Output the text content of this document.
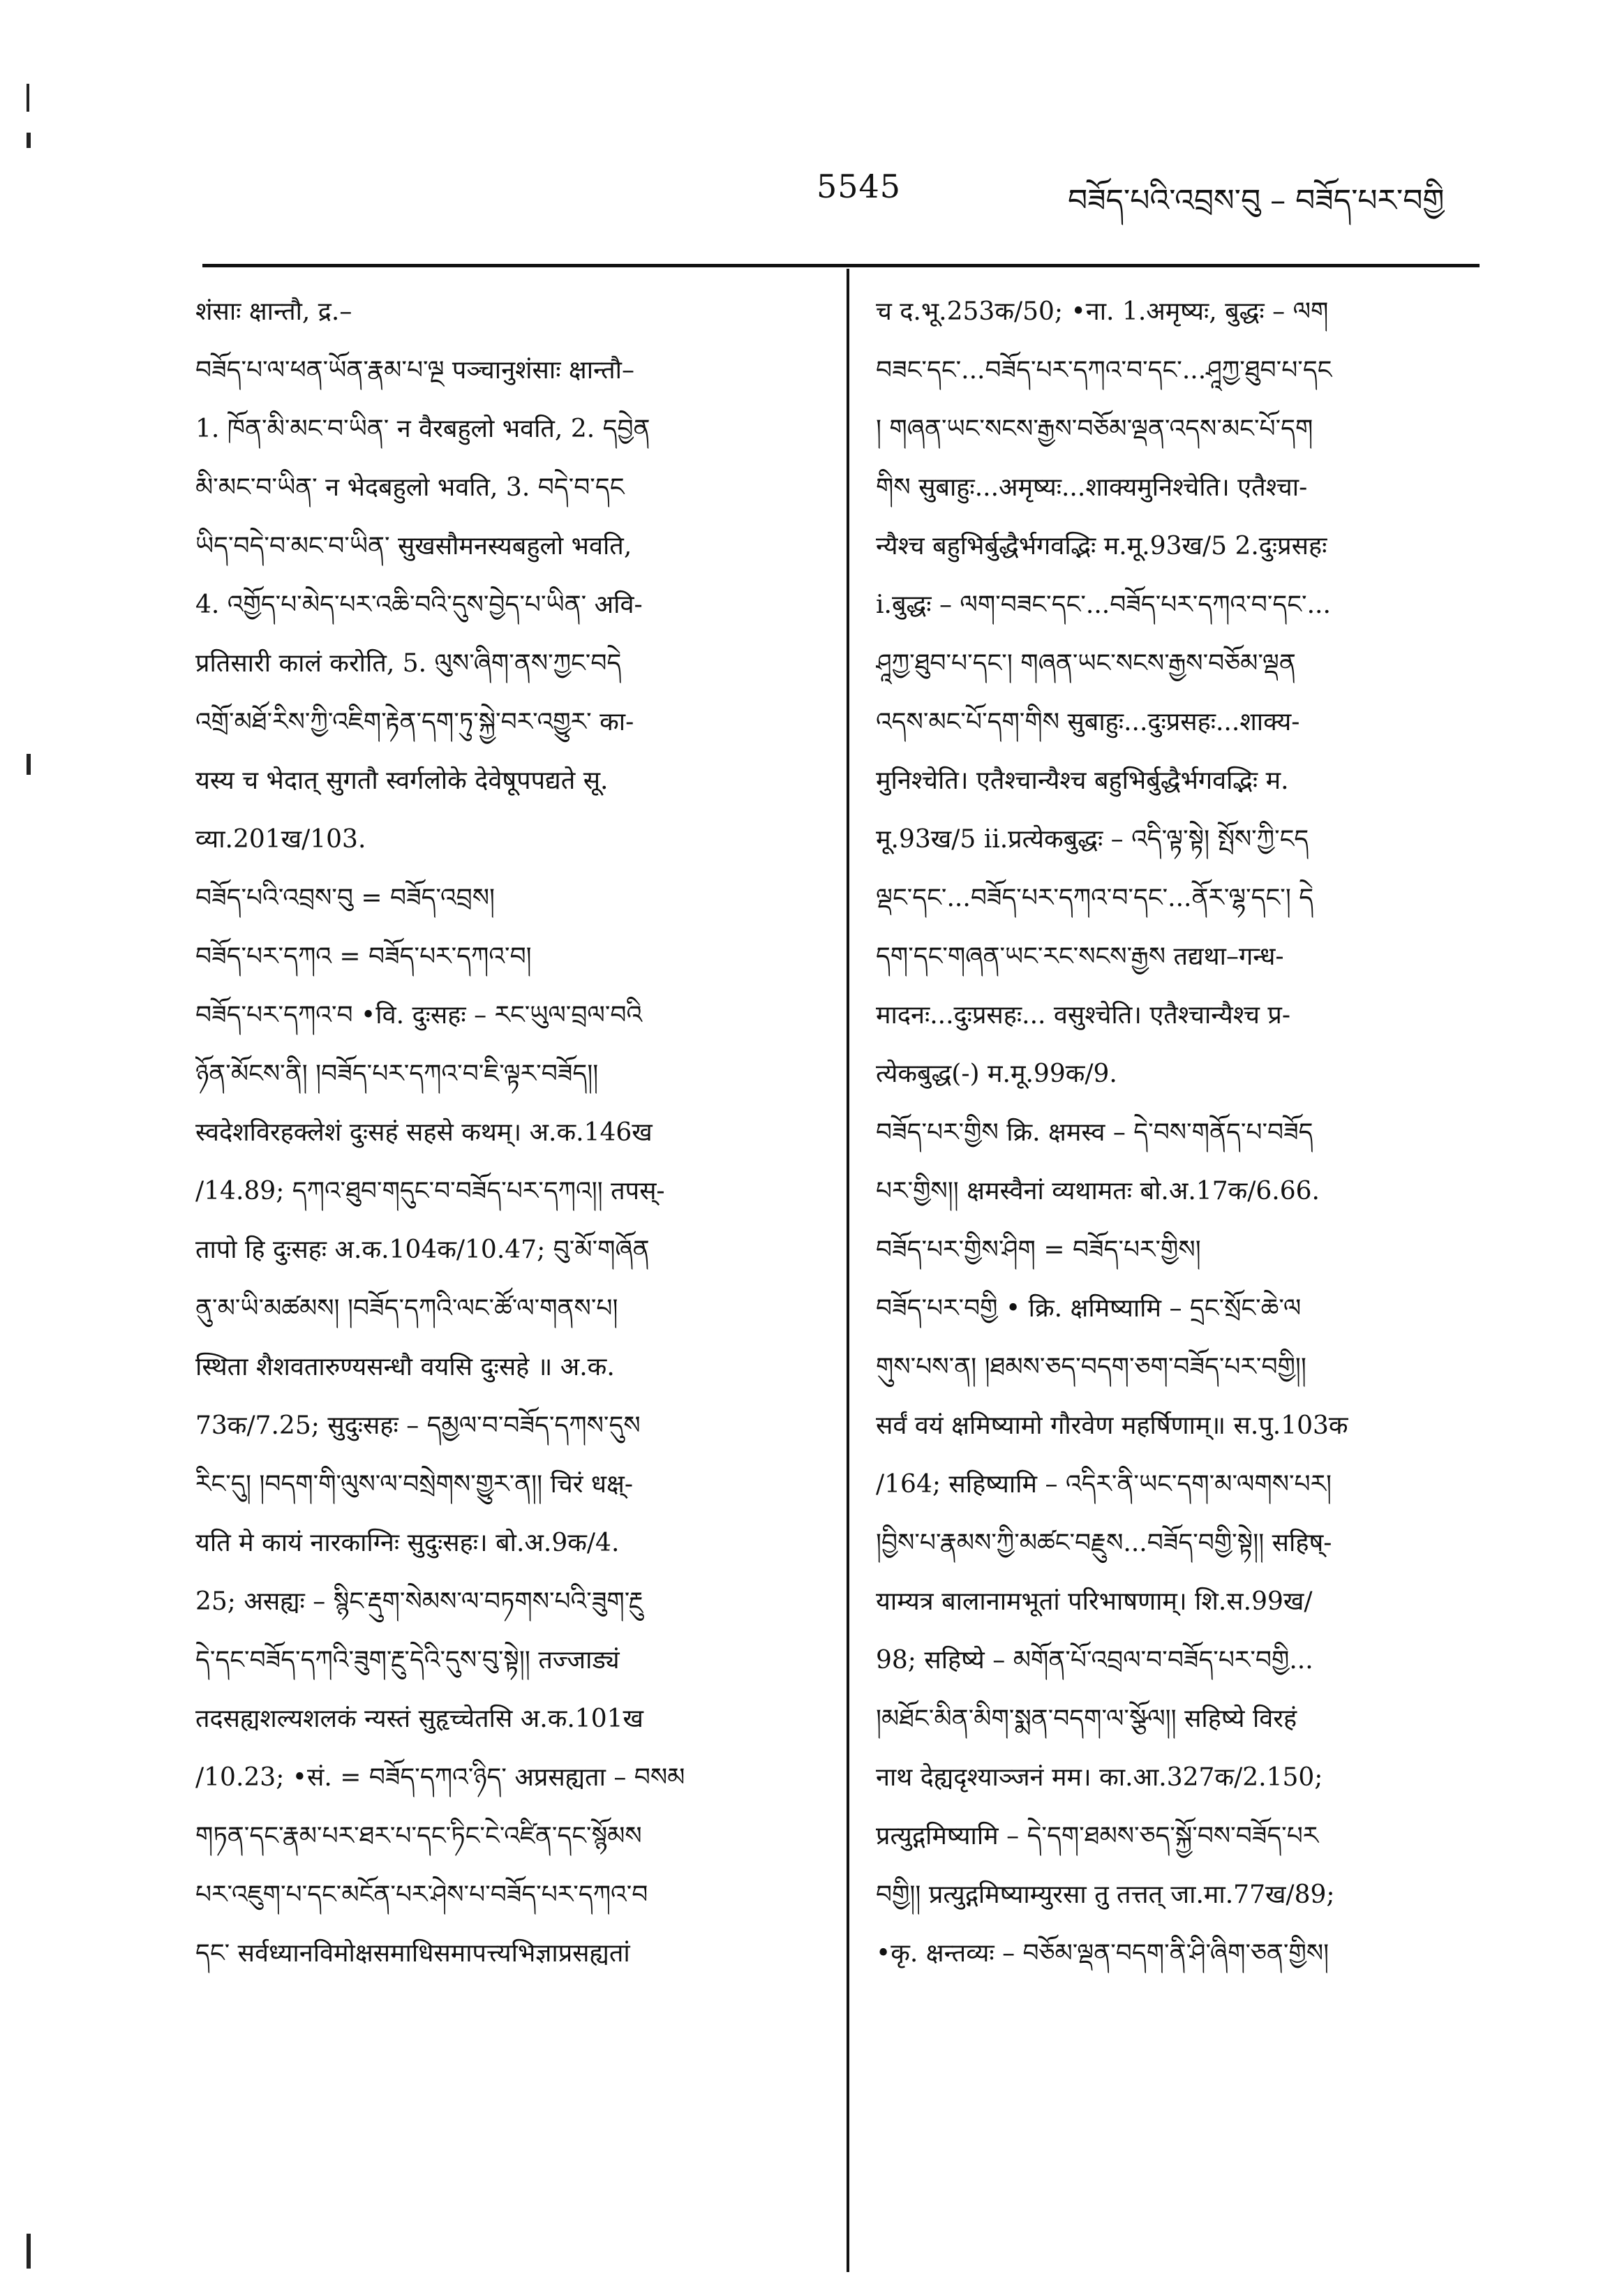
5545	བཟོད་པའི་འབྲས་བུ – བཟོད་པར་བགྱི
शंसाः क्षान्तौ, द्र.–
བཟོད་པ་ལ་ཕན་ཡོན་རྣམ་པ་ལྔ पञ्चानुशंसाः क्षान्तौ–
1. ཁོན་མི་མང་བ་ཡིན་ न वैरबहुलो भवति, 2. དབྱེན
མི་མང་བ་ཡིན་ न भेदबहुलो भवति, 3. བདེ་བ་དང
ཡིད་བདེ་བ་མང་བ་ཡིན་ सुखसौमनस्यबहुलो भवति,
4. འགྱོད་པ་མེད་པར་འཆི་བའི་དུས་བྱེད་པ་ཡིན་ अवि-
प्रतिसारी कालं करोति, 5. ལུས་ཞིག་ནས་ཀྱང་བདེ
འགྲོ་མཐོ་རིས་ཀྱི་འཇིག་རྟེན་དག་ཏུ་སྐྱེ་བར་འགྱུར་ का-
यस्य च भेदात् सुगतौ स्वर्गलोके देवेषूपपद्यते सू.
व्या.201ख/103.
བཟོད་པའི་འབྲས་བུ = བཟོད་འབྲས།
བཟོད་པར་དཀའ = བཟོད་པར་དཀའ་བ།
བཟོད་པར་དཀའ་བ •वि. दुःसहः – རང་ཡུལ་བྲལ་བའི
ཉོན་མོངས་ནི། །བཟོད་པར་དཀའ་བ་ཇི་ལྟར་བཟོད།།
स्वदेशविरहक्लेशं दुःसहं सहसे कथम्। अ.क.146ख
/14.89; དཀའ་ཐུབ་གདུང་བ་བཟོད་པར་དཀའ།། तपस्-
तापो हि दुःसहः अ.क.104क/10.47; བུ་མོ་གཞོན
ནུ་མ་ཡི་མཚམས། །བཟོད་དཀའི་ལང་ཚོ་ལ་གནས་པ།
स्थिता शैशवतारुण्यसन्धौ वयसि दुःसहे ॥ अ.क.
73क/7.25; सुदुःसहः – དམྱལ་བ་བཟོད་དཀས་དུས
རིང་དུ། །བདག་གི་ལུས་ལ་བསྲེགས་གྱུར་ན།། चिरं धक्ष्-
यति मे कायं नारकाग्निः सुदुःसहः। बो.अ.9क/4.
25; असह्यः – སྙིང་རྡུག་སེམས་ལ་བཏགས་པའི་ཟུག་རྔུ
དེ་དང་བཟོད་དཀའི་ཟུག་རྔུ་དེའི་དུས་བུ་སྟེ།། तज्जाड्यं
तदसह्यशल्यशलकं न्यस्तं सुहृच्चेतसि अ.क.101ख
/10.23; •सं. = བཟོད་དཀའ་ཉིད་ अप्रसह्यता – བསམ
གཏན་དང་རྣམ་པར་ཐར་པ་དང་ཏིང་ངེ་འཛིན་དང་སྙོམས
པར་འཇུག་པ་དང་མངོན་པར་ཤེས་པ་བཟོད་པར་དཀའ་བ
དང་ सर्वध्यानविमोक्षसमाधिसमापत्त्यभिज्ञाप्रसह्यतां
च द.भू.253क/50; •ना. 1.अमृष्यः, बुद्धः – ལག
བཟང་དང་...བཟོད་པར་དཀའ་བ་དང་...ཤཱཀྱ་ཐུབ་པ་དང
། གཞན་ཡང་སངས་རྒྱས་བཅོམ་ལྡན་འདས་མང་པོ་དག
གིས सुबाहुः...अमृष्यः...शाक्यमुनिश्चेति। एतैश्चा-
न्यैश्च बहुभिर्बुद्धैर्भगवद्भिः म.मू.93ख/5 2.दुःप्रसहः
i.बुद्धः – ལག་བཟང་དང་...བཟོད་པར་དཀའ་བ་དང་...
ཤཱཀྱ་ཐུབ་པ་དང་། གཞན་ཡང་སངས་རྒྱས་བཅོམ་ལྡན
འདས་མང་པོ་དག་གིས सुबाहुः...दुःप्रसहः...शाक्य-
मुनिश्चेति। एतैश्चान्यैश्च बहुभिर्बुद्धैर्भगवद्भिः म.
मू.93ख/5 ii.प्रत्येकबुद्धः – འདི་ལྟ་སྟེ། སྤོས་ཀྱི་ངད
ལྡང་དང་...བཟོད་པར་དཀའ་བ་དང་...ནོར་ལྷ་དང་། དེ
དག་དང་གཞན་ཡང་རང་སངས་རྒྱས तद्यथा–गन्ध-
मादनः...दुःप्रसहः... वसुश्चेति। एतैश्चान्यैश्च प्र-
त्येकबुद्ध(-) म.मू.99क/9.
བཟོད་པར་གྱིས क्रि. क्षमस्व – དེ་བས་གནོད་པ་བཟོད
པར་གྱིས།། क्षमस्वैनां व्यथामतः बो.अ.17क/6.66.
བཟོད་པར་གྱིས་ཤིག = བཟོད་པར་གྱིས།
བཟོད་པར་བགྱི • क्रि. क्षमिष्यामि – དྲང་སྲོང་ཆེ་ལ
གུས་པས་ན། །ཐམས་ཅད་བདག་ཅག་བཟོད་པར་བགྱི།།
सर्वं वयं क्षमिष्यामो गौरवेण महर्षिणाम्॥ स.पु.103क
/164; सहिष्यामि – འདིར་ནི་ཡང་དག་མ་ལགས་པར།
།བྱིས་པ་རྣམས་ཀྱི་མཚང་བརྗུས...བཟོད་བགྱི་སྟེ།། सहिष्-
याम्यत्र बालानामभूतां परिभाषणाम्। शि.स.99ख/
98; सहिष्ये – མགོན་པོ་འབྲལ་བ་བཟོད་པར་བགྱི...
།མཐོང་མིན་མིག་སྨན་བདག་ལ་སྩོལ།། सहिष्ये विरहं
नाथ देह्यदृश्याञ्जनं मम। का.आ.327क/2.150;
प्रत्युद्गमिष्यामि – དེ་དག་ཐམས་ཅད་སྐྱོ་བས་བཟོད་པར
བགྱི།། प्रत्युद्गमिष्याम्युरसा तु तत्तत् जा.मा.77ख/89;
•कृ. क्षन्तव्यः – བཅོམ་ལྡན་བདག་ནི་ཤི་ཞིག་ཅན་གྱིས།
